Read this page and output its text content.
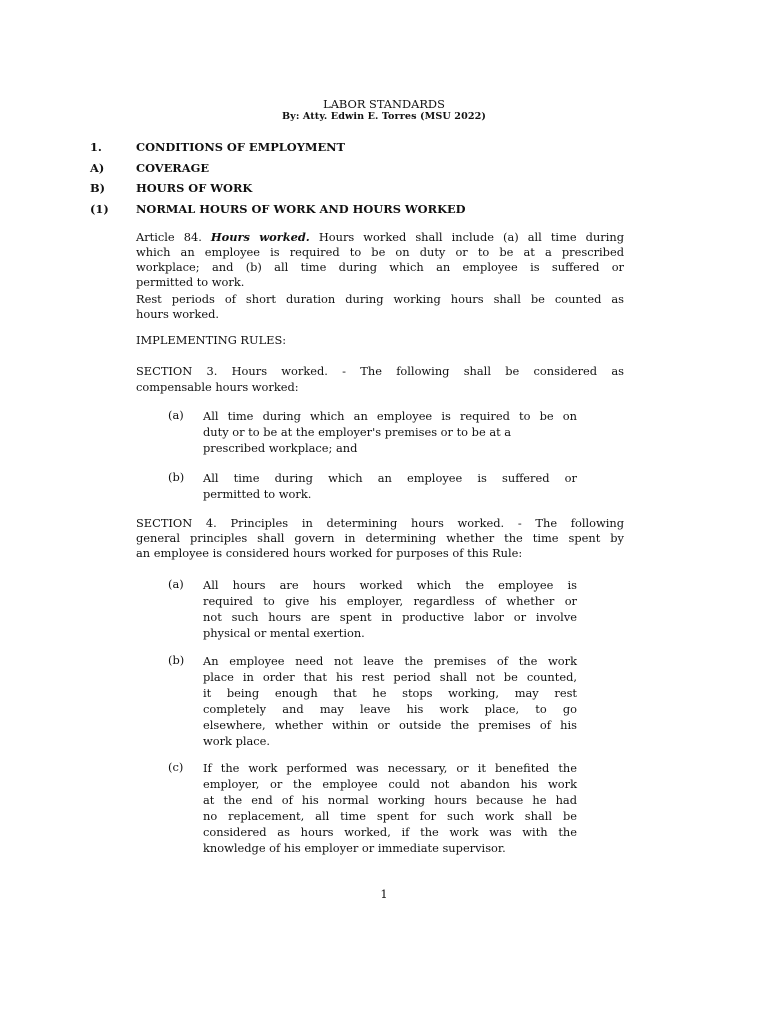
LABOR STANDARDS
By: Atty. Edwin E. Torres (MSU 2022)
1.	CONDITIONS OF EMPLOYMENT
A)	COVERAGE
B)	HOURS OF WORK
(1) NORMAL HOURS OF WORK AND HOURS WORKED
Article 84. Hours worked. Hours worked shall include (a) all time during
which an employee is required to be on duty or to be at a prescribed
workplace; and (b) all time during which an employee is suffered or
permitted to work.
Rest periods of short duration during working hours shall be counted as
hours worked.
IMPLEMENTING RULES:
SECTION 3. Hours worked. - The following shall be considered as
compensable hours worked:
(a) All time during which an employee is required to be on
duty or to be at the employer's premises or to be at a
prescribed workplace; and
(b) All time during which an employee is suffered or
permitted to work.
SECTION 4. Principles in determining hours worked. - The following
general principles shall govern in determining whether the time spent by
an employee is considered hours worked for purposes of this Rule:
(a) All hours are hours worked which the employee is
required to give his employer, regardless of whether or
not such hours are spent in productive labor or involve
physical or mental exertion.
(b) An employee need not leave the premises of the work
place in order that his rest period shall not be counted,
it being enough that he stops working, may rest
completely and may leave his work place, to go
elsewhere, whether within or outside the premises of his
work place.
(c) If the work performed was necessary, or it benefited the
employer, or the employee could not abandon his work
at the end of his normal working hours because he had
no replacement, all time spent for such work shall be
considered as hours worked, if the work was with the
knowledge of his employer or immediate supervisor.
1
